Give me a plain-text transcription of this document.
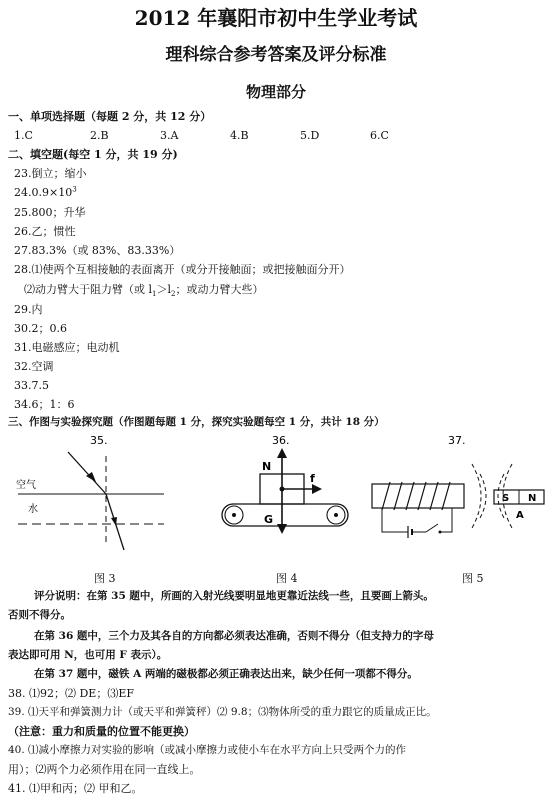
2012 年襄阳市初中生学业考试
理科综合参考答案及评分标准
物理部分
一、单项选择题（每题 2 分，共 12 分）
1.C	2.B	3.A	4.B	5.D	6.C
二、填空题(每空 1 分，共 19 分)
23.倒立；缩小
$24.0.9\times 10^3$
25.800；升华
26.乙；惯性
27.83.3%（或 83%、83.33%）
28.⑴使两个互相接触的表面离开（或分开接触面；或把接触面分开）
⑵动力臂大于阻力臂（或 $l_1>l_2$；或动力臂大些）
29.内
30.2；0.6
31.电磁感应；电动机
32.空调
33.7.5
34.6；1：6
三、作图与实验探究题（作图题每题 1 分，探究实验题每空 1 分，共计 18 分）
35.
空气
水
36.
N
f
G
37.
S N
A
图 3	图 4	图 5
评分说明：在第 35 题中，所画的入射光线要明显地更靠近法线一些，且要画上箭头。
否则不得分。
在第 36 题中，三个力及其各自的方向都必须表达准确，否则不得分（但支持力的字母
表达即可用 N，也可用 F 表示）。
在第 37 题中，磁铁 A 两端的磁极都必须正确表达出来，缺少任何一项都不得分。
38. ⑴92；⑵ DE；⑶EF
39. ⑴天平和弹簧测力计（或天平和弹簧秤）⑵ 9.8；⑶物体所受的重力跟它的质量成正比。
（注意：重力和质量的位置不能更换）
40. ⑴减小摩擦力对实验的影响（或减小摩擦力或使小车在水平方向上只受两个力的作
用）；⑵两个力必须作用在同一直线上。
41. ⑴甲和丙；⑵ 甲和乙。
